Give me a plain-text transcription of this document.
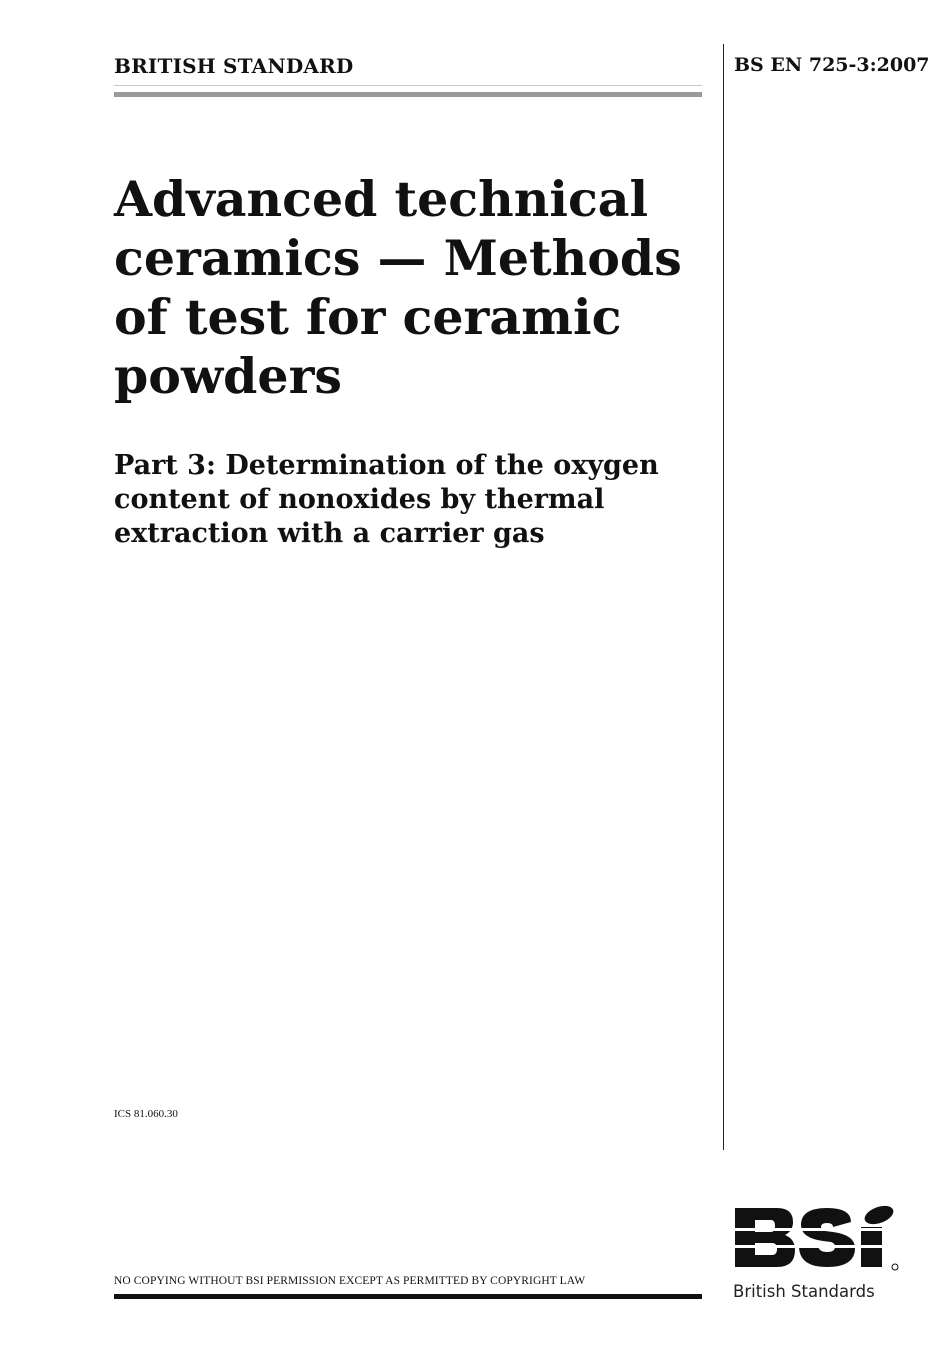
BRITISH STANDARD	BS EN 725-3:2007
Advanced technical ceramics — Methods of test for ceramic powders
Part 3: Determination of the oxygen content of nonoxides by thermal extraction with a carrier gas
ICS 81.060.30
NO COPYING WITHOUT BSI PERMISSION EXCEPT AS PERMITTED BY COPYRIGHT LAW
British Standards
